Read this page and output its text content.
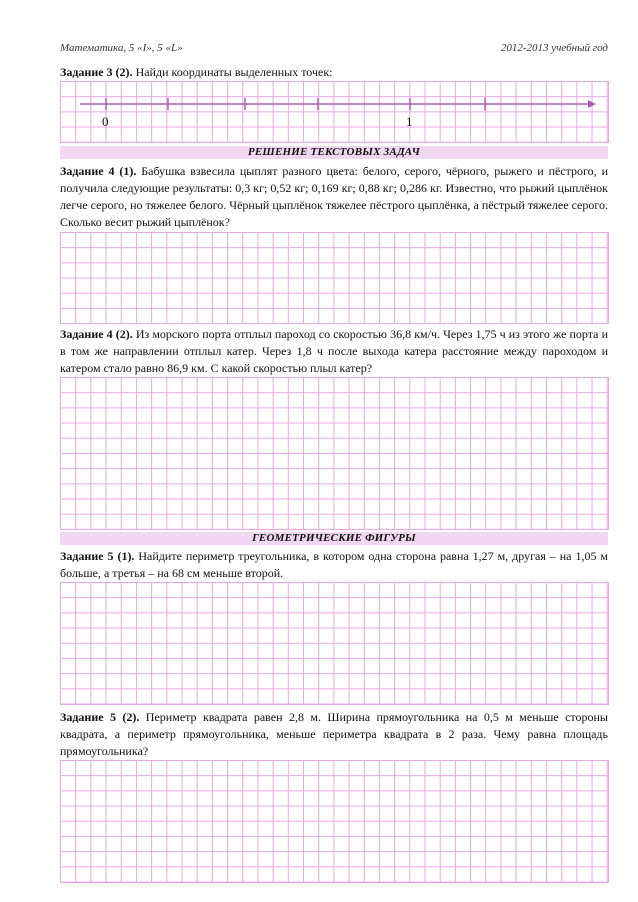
Математика, 5 «I», 5 «L»	2012-2013 учебный год
Задание 3 (2). Найди координаты выделенных точек:
0	1
РЕШЕНИЕ ТЕКСТОВЫХ ЗАДАЧ
Задание 4 (1). Бабушка взвесила цыплят разного цвета: белого, серого, чёрного, рыжего и пёстрого, и получила следующие результаты: 0,3 кг; 0,52 кг; 0,169 кг; 0,88 кг; 0,286 кг. Известно, что рыжий цыплёнок легче серого, но тяжелее белого. Чёрный цыплёнок тяжелее пёстрого цыплёнка, а пёстрый тяжелее серого. Сколько весит рыжий цыплёнок?
Задание 4 (2). Из морского порта отплыл пароход со скоростью 36,8 км/ч. Через 1,75 ч из этого же порта и в том же направлении отплыл катер. Через 1,8 ч после выхода катера расстояние между пароходом и катером стало равно 86,9 км. С какой скоростью плыл катер?
ГЕОМЕТРИЧЕСКИЕ ФИГУРЫ
Задание 5 (1). Найдите периметр треугольника, в котором одна сторона равна 1,27 м, другая – на 1,05 м больше, а третья – на 68 см меньше второй.
Задание 5 (2). Периметр квадрата равен 2,8 м. Ширина прямоугольника на 0,5 м меньше стороны квадрата, а периметр прямоугольника, меньше периметра квадрата в 2 раза. Чему равна площадь прямоугольника?
